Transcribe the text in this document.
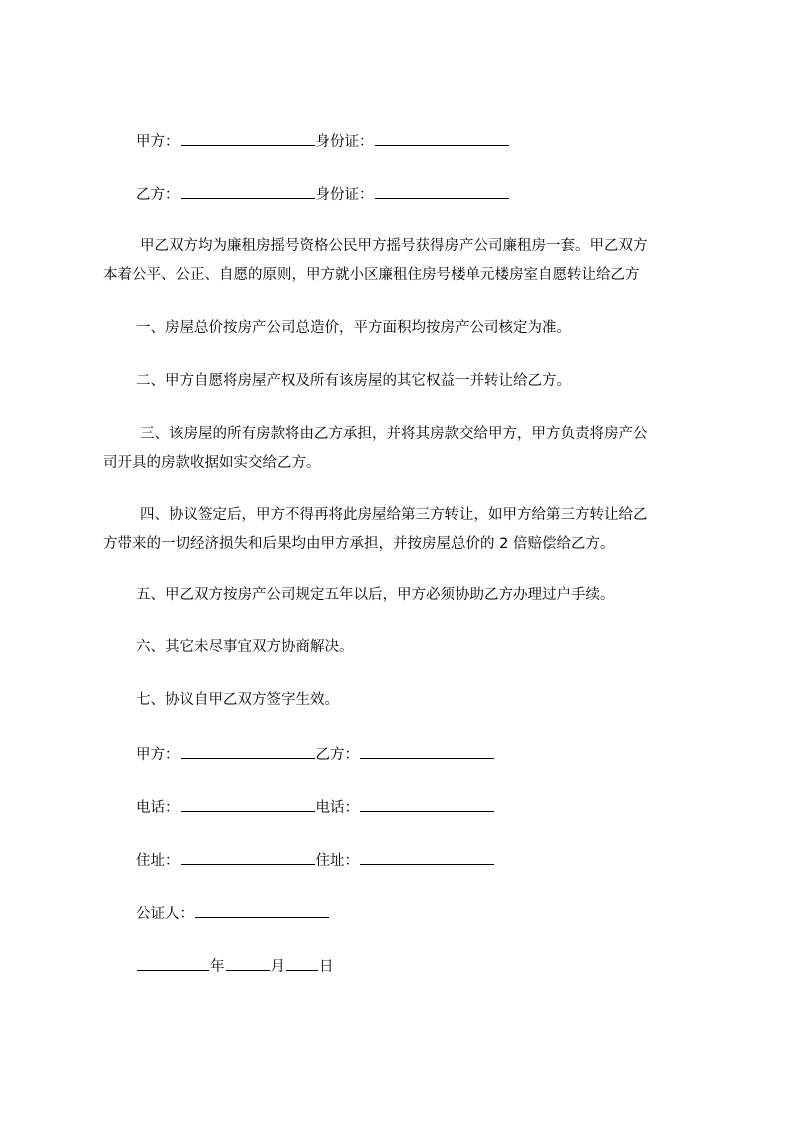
甲方：	身份证：
乙方：	身份证：
甲乙双方均为廉租房摇号资格公民甲方摇号获得房产公司廉租房一套。甲乙双方
本着公平、公正、自愿的原则，甲方就小区廉租住房号楼单元楼房室自愿转让给乙方
一、房屋总价按房产公司总造价，平方面积均按房产公司核定为准。
二、甲方自愿将房屋产权及所有该房屋的其它权益一并转让给乙方。
三、该房屋的所有房款将由乙方承担，并将其房款交给甲方，甲方负责将房产公
司开具的房款收据如实交给乙方。
四、协议签定后，甲方不得再将此房屋给第三方转让，如甲方给第三方转让给乙
方带来的一切经济损失和后果均由甲方承担，并按房屋总价的 2 倍赔偿给乙方。
五、甲乙双方按房产公司规定五年以后，甲方必须协助乙方办理过户手续。
六、其它未尽事宜双方协商解决。
七、协议自甲乙双方签字生效。
甲方：	乙方：
电话：	电话：
住址：	住址：
公证人：
年	月 日
